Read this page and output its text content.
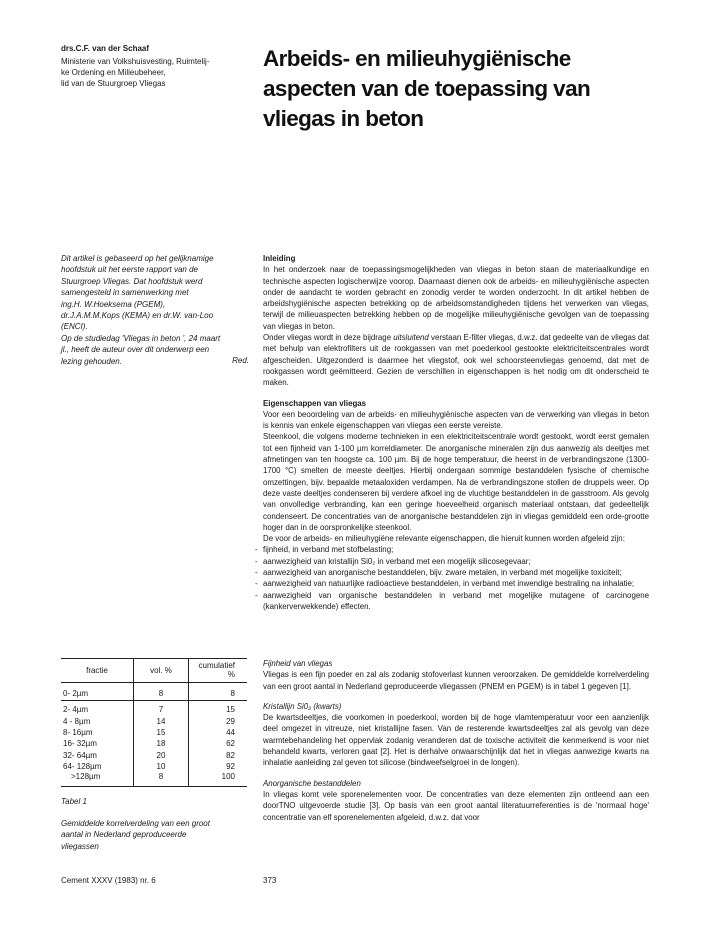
drs.C.F. van der Schaaf
Ministerie van Volkshuisvesting, Ruimtelij-
ke Ordening en Milieubeheer,
lid van de Stuurgroep Vliegas
Arbeids- en milieuhygiënische
aspecten van de toepassing van
vliegas in beton
Dit artikel is gebaseerd op het gelijknamige
hoofdstuk uit het eerste rapport van de
Stuurgroep Vliegas. Dat hoofdstuk werd
samengesteld in samenwerking met
ing.H. W.Hoeksema (PGEM),
dr.J.A.M.M.Kops (KEMA) en dr.W. van-Loo
(ENCI).
Op de studiedag 'Vliegas in beton ', 24 maart
jl., heeft de auteur over dit onderwerp een
lezing gehouden.	Red.

Inleiding

In het onderzoek naar de toepassingsmogelijkheden van vliegas in beton staan de materiaalkundige en technische aspecten logischerwijze voorop. Daarnaast dienen ook de arbeids- en milieuhygiënische aspecten onder de aandacht te worden gebracht en zonodig verder te worden onderzocht. In dit artikel hebben de arbeidshygiënische aspecten betrekking op de arbeidsomstandigheden tijdens het verwerken van vliegas, terwijl de milieuaspecten betrekking hebben op de mogelijke milieuhygiënische gevolgen van de toepassing van vliegas in beton.

Onder vliegas wordt in deze bijdrage uitsluitend verstaan E-filter vliegas, d.w.z. dat gedeelte van de vliegas dat met behulp van elektrofilters uit de rookgassen van met poederkool gestookte elektriciteitscentrales wordt afgescheiden. Uitgezonderd is daarmee het vliegstof, ook wel schoorsteenvliegas genoemd, dat met de rookgassen wordt geëmitteerd. Gezien de verschillen in eigenschappen is het nodig om dit onderscheid te maken.

Eigenschappen van vliegas

Voor een beoordeling van de arbeids- en milieuhygiënische aspecten van de verwerking van vliegas in beton is kennis van enkele eigenschappen van vliegas een eerste vereiste.

Steenkool, die volgens moderne technieken in een elektriciteitscentrale wordt gestookt, wordt eerst gemalen tot een fijnheid van 1-100 µm korreldiameter. De anorganische mineralen zijn dus aanwezig als deeltjes met afmetingen van ten hoogste ca. 100 µm. Bij de hoge temperatuur, die heerst in de verbrandingszone (1300-1700 °C) smelten de meeste deeltjes. Hierbij ondergaan sommige bestanddelen fysische of chemische omzettingen, bijv. bepaalde metaaloxiden verdampen. Na de verbrandingszone stollen de druppels weer. Op deze vaste deeltjes condenseren bij verdere afkoel ing de vluchtige bestanddelen in de gasstroom. Als gevolg van onvolledige verbranding, kan een geringe hoeveelheid organisch materiaal ontstaan, dat gedeeltelijk condenseert. De concentraties van de anorganische bestanddelen zijn in vliegas gemiddeld een orde-grootte hoger dan in de oorspronkelijke steenkool.

De voor de arbeids- en milieuhygiëne relevante eigenschappen, die hieruit kunnen worden afgeleid zijn:

- fijnheid, in verband met stofbelasting;
- aanwezigheid van kristallijn Si0₂ in verband met een mogelijk silicosegevaar;
- aanwezigheid van anorganische bestanddelen, bijv. zware metalen, in verband met mogelijke toxiciteit;
- aanwezigheid van natuurlijke radioactieve bestanddelen, in verband met inwendige bestraling na inhalatie;
- aanwezigheid van organische bestanddelen in verband met mogelijke mutagene of carcinogene (kankerverwekkende) effecten.

Fijnheid van vliegas

Vliegas is een fijn poeder en zal als zodanig stofoverlast kunnen veroorzaken. De gemiddelde korrelverdeling van een groot aantal in Nederland geproduceerde vliegassen (PNEM en PGEM) is in tabel 1 gegeven [1].

Kristallijn Si0₂ (kwarts)

De kwartsdeeltjes, die voorkomen in poederkool, worden bij de hoge vlamtemperatuur voor een aanzienlijk deel omgezet in vitreuze, niet kristallijne fasen. Van de resterende kwartsdeeltjes zal als gevolg van deze warmtebehandeling het oppervlak zodanig veranderen dat de toxische activiteit die kenmerkend is voor niet behandeld kwarts, verloren gaat [2]. Het is derhalve onwaarschijnlijk dat het in vliegas aanwezige kwarts na inhalatie aanleiding zal geven tot silicose (bindweefselgroei in de longen).

Anorganische bestanddelen

In vliegas komt vele sporenelementen voor. De concentraties van deze elementen zijn ontleend aan een doorTNO uitgevoerde studie [3]. Op basis van een groot aantal literatuurreferenties is de 'normaal hoge' concentratie van elf sporenelementen afgeleid, d.w.z. dat voor

fractie	vol. %	cumulatief %
0- 2µm	8	8
2- 4µm	7	15
4 - 8µm	14	29
8- 16µm	15	44
16- 32µm	18	62
32- 64µm	20	82
64- 128µm	10	92
>128µm	8	100
Tabel 1
Gemiddelde korrelverdeling van een groot
aantal in Nederland geproduceerde
vliegassen
Cement XXXV (1983) nr. 6	373
